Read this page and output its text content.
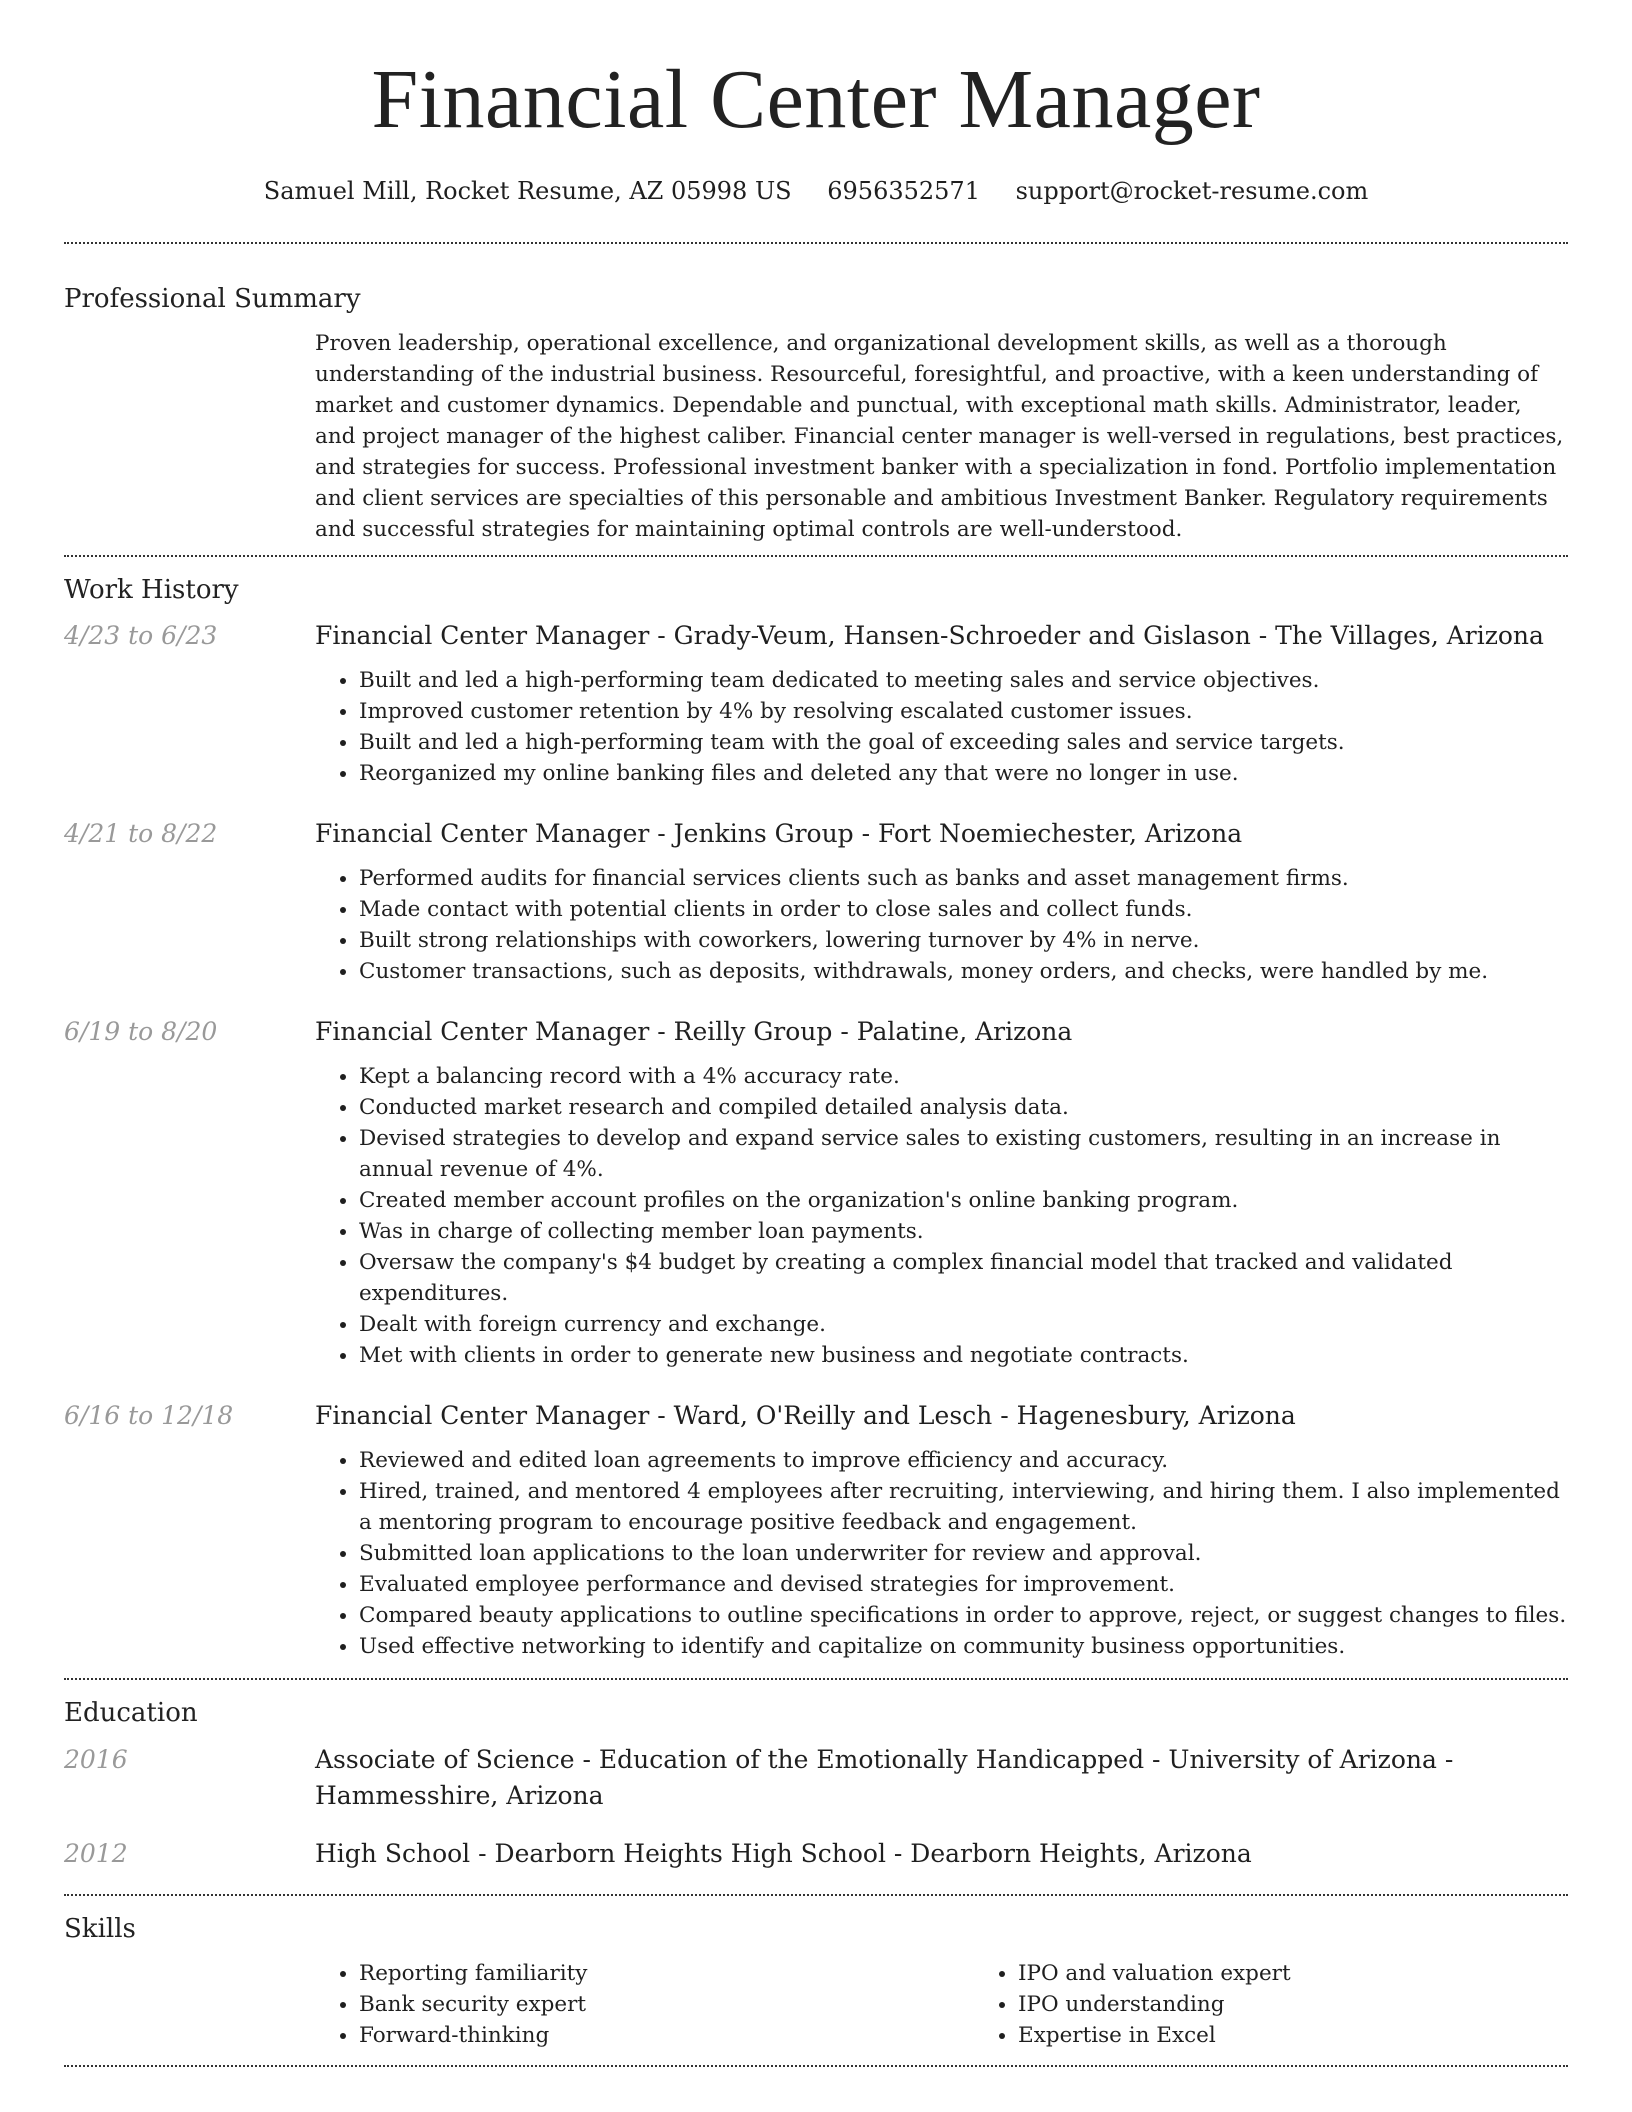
Financial Center Manager
Samuel Mill, Rocket Resume, AZ 05998 US 6956352571 support@rocket-resume.com
Professional Summary
Proven leadership, operational excellence, and organizational development skills, as well as a thorough understanding of the industrial business. Resourceful, foresightful, and proactive, with a keen understanding of market and customer dynamics. Dependable and punctual, with exceptional math skills. Administrator, leader, and project manager of the highest caliber. Financial center manager is well-versed in regulations, best practices, and strategies for success. Professional investment banker with a specialization in fond. Portfolio implementation and client services are specialties of this personable and ambitious Investment Banker. Regulatory requirements and successful strategies for maintaining optimal controls are well-understood.
Work History
4/23 to 6/23	Financial Center Manager - Grady-Veum, Hansen-Schroeder and Gislason - The Villages, Arizona
• Built and led a high-performing team dedicated to meeting sales and service objectives.
• Improved customer retention by 4% by resolving escalated customer issues.
• Built and led a high-performing team with the goal of exceeding sales and service targets.
• Reorganized my online banking files and deleted any that were no longer in use.
4/21 to 8/22	Financial Center Manager - Jenkins Group - Fort Noemiechester, Arizona
• Performed audits for financial services clients such as banks and asset management firms.
• Made contact with potential clients in order to close sales and collect funds.
• Built strong relationships with coworkers, lowering turnover by 4% in nerve.
• Customer transactions, such as deposits, withdrawals, money orders, and checks, were handled by me.
6/19 to 8/20	Financial Center Manager - Reilly Group - Palatine, Arizona
• Kept a balancing record with a 4% accuracy rate.
• Conducted market research and compiled detailed analysis data.
• Devised strategies to develop and expand service sales to existing customers, resulting in an increase in annual revenue of 4%.
• Created member account profiles on the organization's online banking program.
• Was in charge of collecting member loan payments.
• Oversaw the company's $4 budget by creating a complex financial model that tracked and validated expenditures.
• Dealt with foreign currency and exchange.
• Met with clients in order to generate new business and negotiate contracts.
6/16 to 12/18	Financial Center Manager - Ward, O'Reilly and Lesch - Hagenesbury, Arizona
• Reviewed and edited loan agreements to improve efficiency and accuracy.
• Hired, trained, and mentored 4 employees after recruiting, interviewing, and hiring them. I also implemented a mentoring program to encourage positive feedback and engagement.
• Submitted loan applications to the loan underwriter for review and approval.
• Evaluated employee performance and devised strategies for improvement.
• Compared beauty applications to outline specifications in order to approve, reject, or suggest changes to files.
• Used effective networking to identify and capitalize on community business opportunities.
Education
2016	Associate of Science - Education of the Emotionally Handicapped - University of Arizona - Hammesshire, Arizona
2012	High School - Dearborn Heights High School - Dearborn Heights, Arizona
Skills
• Reporting familiarity
• Bank security expert
• Forward-thinking
• IPO and valuation expert
• IPO understanding
• Expertise in Excel
